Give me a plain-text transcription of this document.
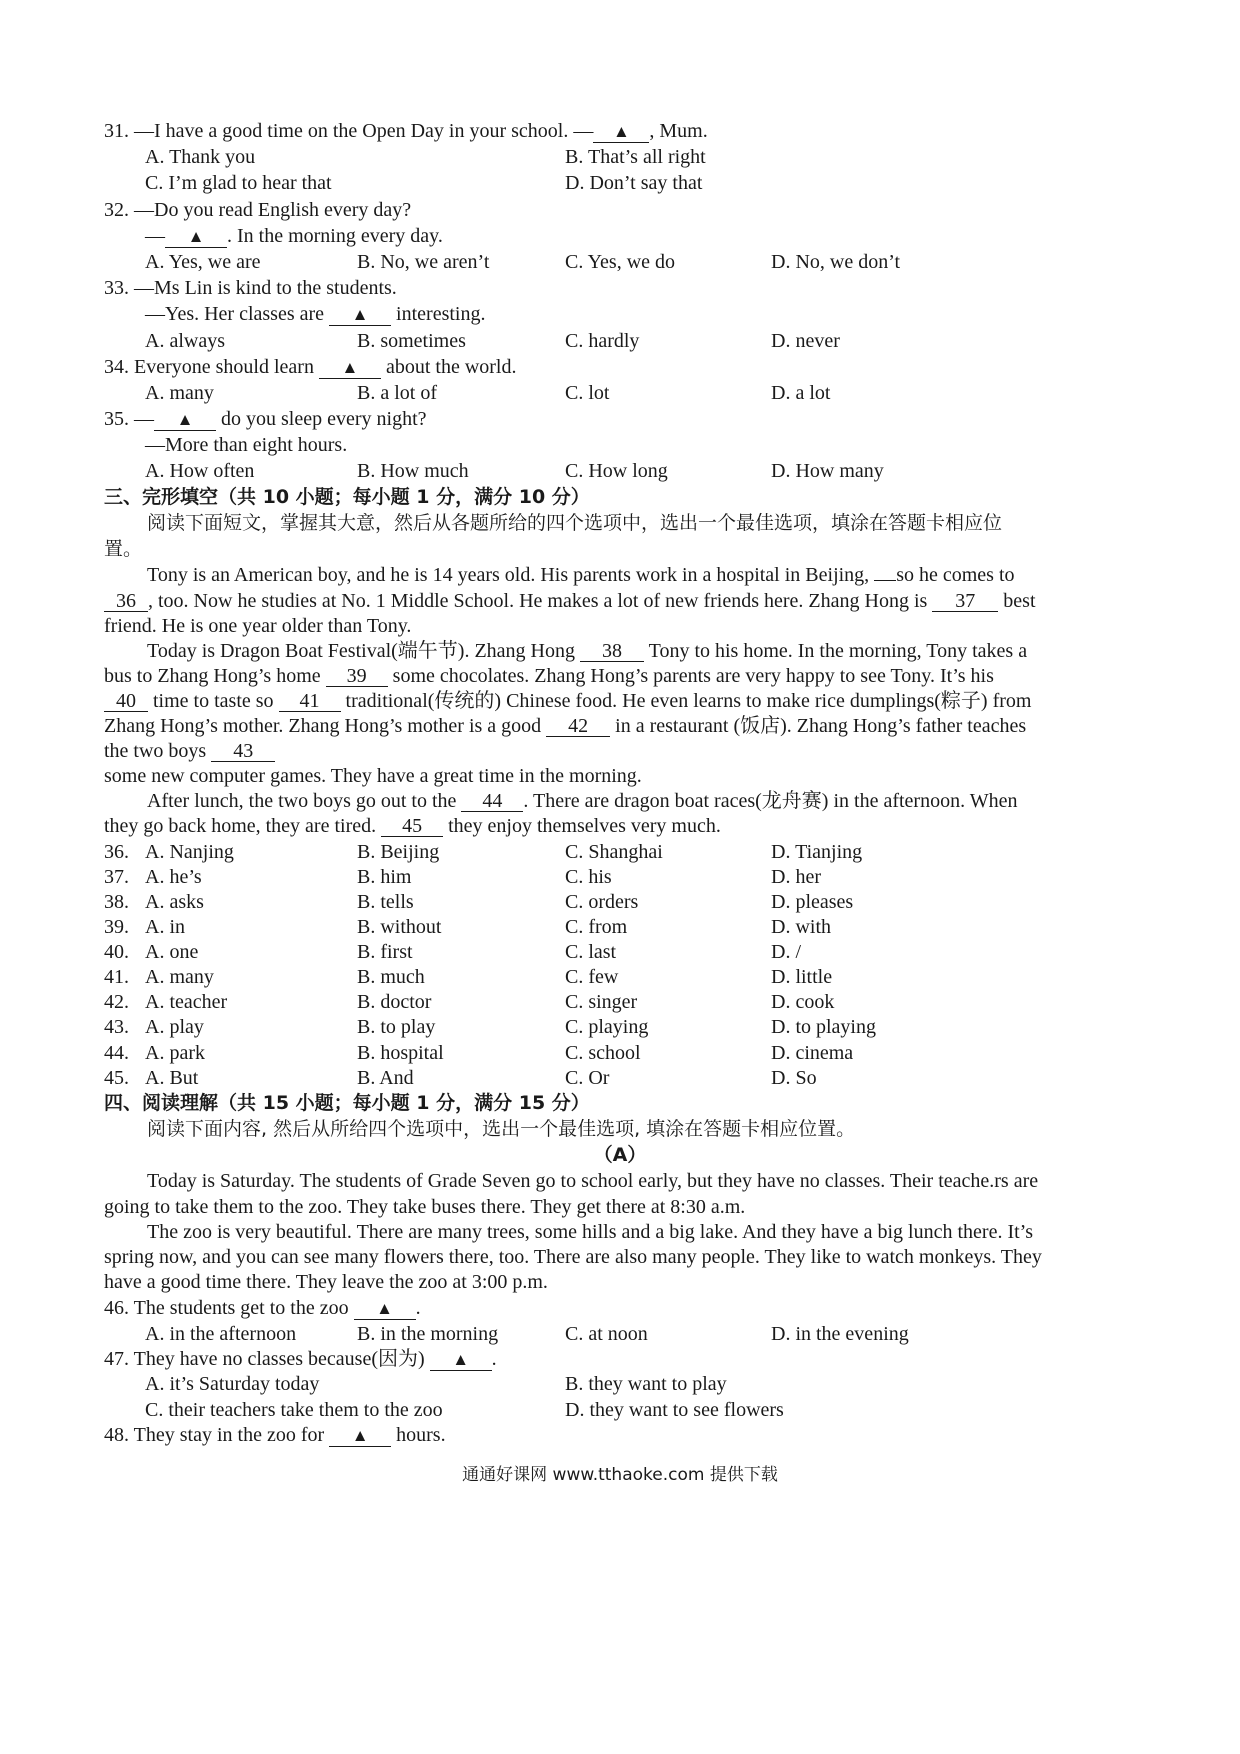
31. —I have a good time on the Open Day in your school. — ▲ , Mum.
A. Thank you	B. That’s all right
C. I’m glad to hear that	D. Don’t say that
32. —Do you read English every day?
— ▲ . In the morning every day.
A. Yes, we are	B. No, we aren’t	C. Yes, we do	D. No, we don’t
33. —Ms Lin is kind to the students.
—Yes. Her classes are ▲ interesting.
A. always	B. sometimes	C. hardly	D. never
34. Everyone should learn ▲ about the world.
A. many	B. a lot of	C. lot	D. a lot
35. — ▲ do you sleep every night?
—More than eight hours.
A. How often	B. How much	C. How long	D. How many
三、完形填空（共 10 小题；每小题 1 分，满分 10 分）
阅读下面短文，掌握其大意，然后从各题所给的四个选项中，选出一个最佳选项，填涂在答题卡相应位
置。
Tony is an American boy, and he is 14 years old. His parents work in a hospital in Beijing, so he comes to
36 , too. Now he studies at No. 1 Middle School. He makes a lot of new friends here. Zhang Hong is 37 best
friend. He is one year older than Tony.
Today is Dragon Boat Festival(端午节). Zhang Hong 38 Tony to his home. In the morning, Tony takes a
bus to Zhang Hong’s home 39 some chocolates. Zhang Hong’s parents are very happy to see Tony. It’s his
40 time to taste so 41 traditional(传统的) Chinese food. He even learns to make rice dumplings(粽子) from
Zhang Hong’s mother. Zhang Hong’s mother is a good 42 in a restaurant (饭店). Zhang Hong’s father teaches
the two boys 43
some new computer games. They have a great time in the morning.
After lunch, the two boys go out to the 44 . There are dragon boat races(龙舟赛) in the afternoon. When
they go back home, they are tired. 45 they enjoy themselves very much.
36. A. Nanjing	B. Beijing	C. Shanghai	D. Tianjing
37. A. he’s	B. him	C. his	D. her
38. A. asks	B. tells	C. orders	D. pleases
39. A. in	B. without	C. from	D. with
40. A. one	B. first	C. last	D. /
41. A. many	B. much	C. few	D. little
42. A. teacher	B. doctor	C. singer	D. cook
43. A. play	B. to play	C. playing	D. to playing
44. A. park	B. hospital	C. school	D. cinema
45. A. But	B. And	C. Or	D. So
四、阅读理解（共 15 小题；每小题 1 分，满分 15 分）
阅读下面内容, 然后从所给四个选项中，选出一个最佳选项, 填涂在答题卡相应位置。
（A）
Today is Saturday. The students of Grade Seven go to school early, but they have no classes. Their teache.rs are
going to take them to the zoo. They take buses there. They get there at 8:30 a.m.
The zoo is very beautiful. There are many trees, some hills and a big lake. And they have a big lunch there. It’s
spring now, and you can see many flowers there, too. There are also many people. They like to watch monkeys. They
have a good time there. They leave the zoo at 3:00 p.m.
46. The students get to the zoo ▲ .
A. in the afternoon	B. in the morning	C. at noon	D. in the evening
47. They have no classes because(因为) ▲ .
A. it’s Saturday today	B. they want to play
C. their teachers take them to the zoo	D. they want to see flowers
48. They stay in the zoo for ▲ hours.
通通好课网 www.tthaoke.com 提供下载
